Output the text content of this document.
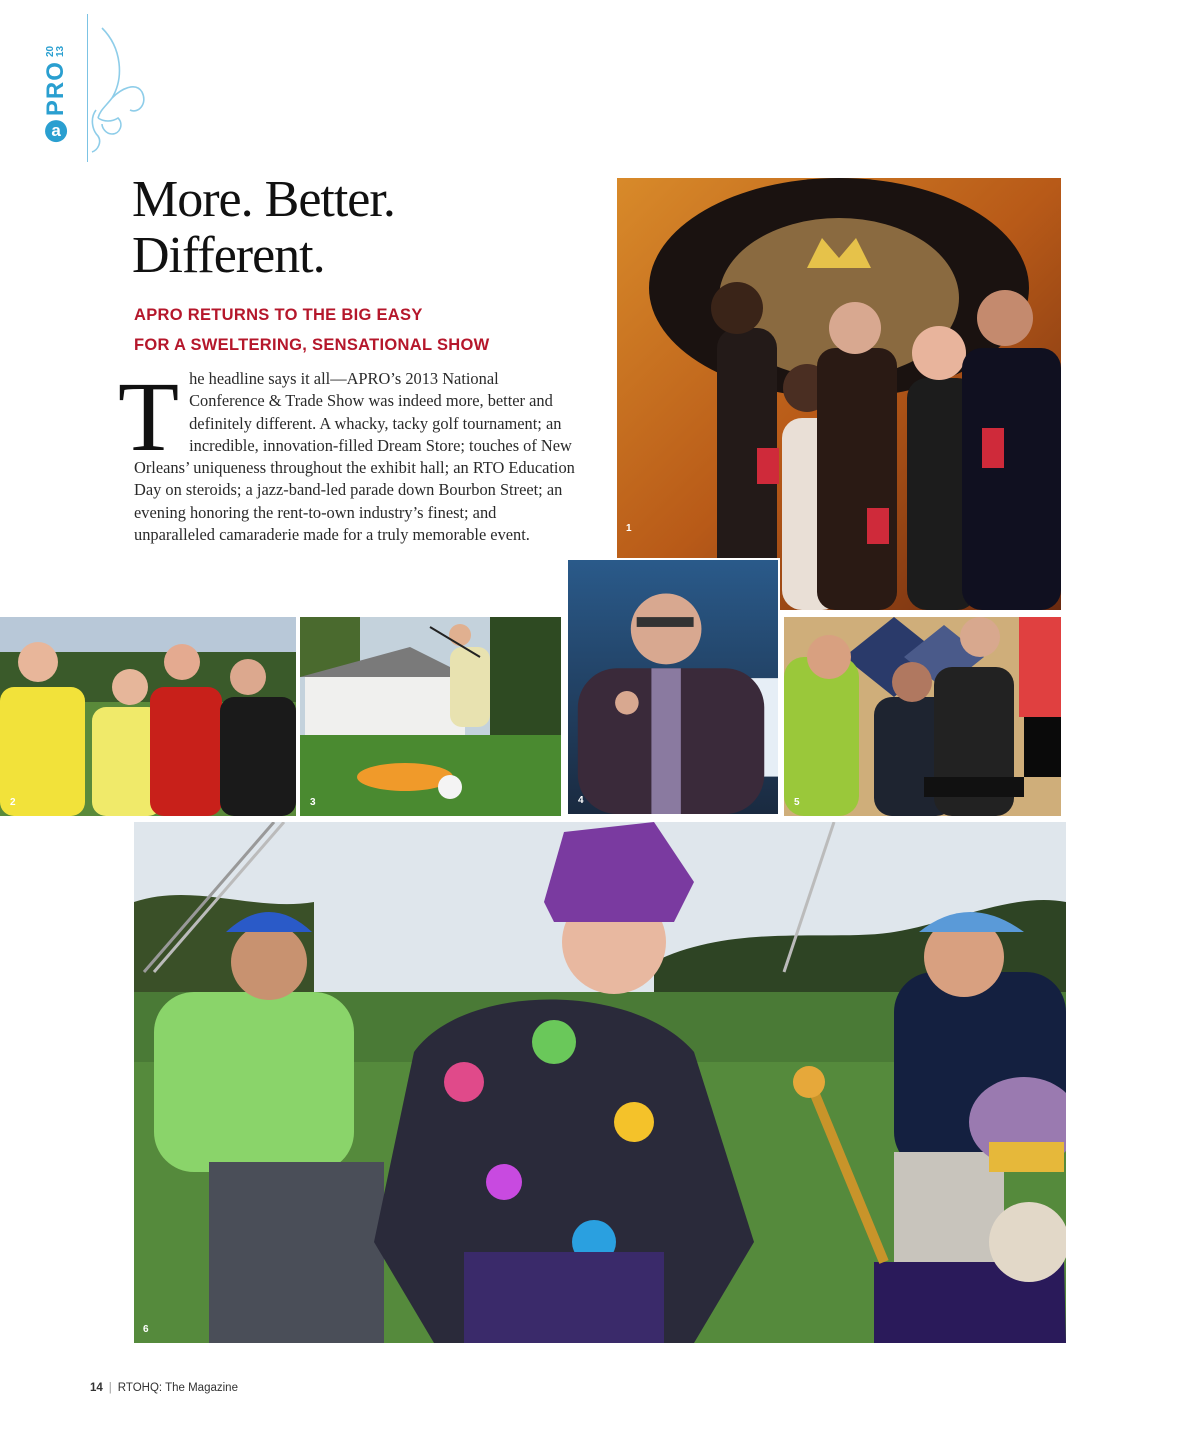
a
PRO
20 13
More. Better.
Different.
APRO RETURNS TO THE BIG EASY
FOR A SWELTERING, SENSATIONAL SHOW
T he headline says it all—APRO’s 2013 National Conference & Trade Show was indeed more, better and definitely different. A whacky, tacky golf tournament; an incredible, innovation-filled Dream Store; touches of New Orleans’ uniqueness throughout the exhibit hall; an RTO Education Day on steroids; a jazz-band-led parade down Bourbon Street; an evening honoring the rent-to-own industry’s finest; and unparalleled camaraderie made for a truly memorable event.	1
2	3	4	5
6
14 | RTOHQ: The Magazine
